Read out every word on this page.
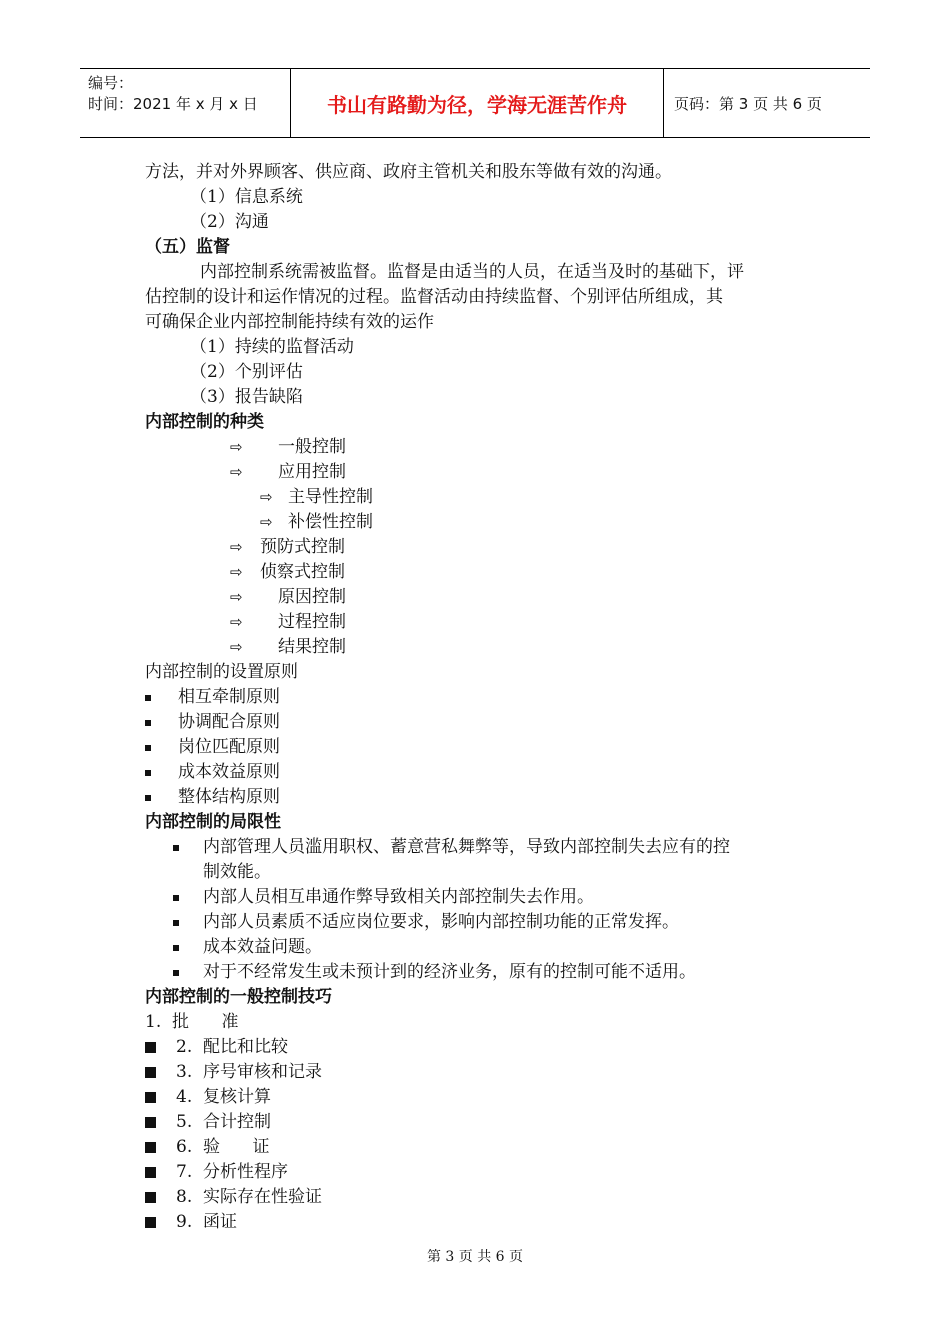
编号：
时间：2021 年 x 月 x 日	书山有路勤为径，学海无涯苦作舟	页码：第 3 页 共 6 页
方法，并对外界顾客、供应商、政府主管机关和股东等做有效的沟通。
（1）信息系统
（2）沟通
（五）监督
内部控制系统需被监督。监督是由适当的人员，在适当及时的基础下，评
估控制的设计和运作情况的过程。监督活动由持续监督、个别评估所组成，其
可确保企业内部控制能持续有效的运作
（1）持续的监督活动
（2）个别评估
（3）报告缺陷
内部控制的种类
⇨ 一般控制
⇨ 应用控制
⇨ 主导性控制
⇨ 补偿性控制
⇨ 预防式控制
⇨ 侦察式控制
⇨ 原因控制
⇨ 过程控制
⇨ 结果控制
内部控制的设置原则
相互牵制原则
协调配合原则
岗位匹配原则
成本效益原则
整体结构原则
内部控制的局限性
内部管理人员滥用职权、蓄意营私舞弊等，导致内部控制失去应有的控
制效能。
内部人员相互串通作弊导致相关内部控制失去作用。
内部人员素质不适应岗位要求，影响内部控制功能的正常发挥。
成本效益问题。
对于不经常发生或未预计到的经济业务，原有的控制可能不适用。
内部控制的一般控制技巧
1.  批      准
2.  配比和比较
3.  序号审核和记录
4.  复核计算
5.  合计控制
6.  验      证
7.  分析性程序
8.  实际存在性验证
9.  函证
第 3 页 共 6 页
